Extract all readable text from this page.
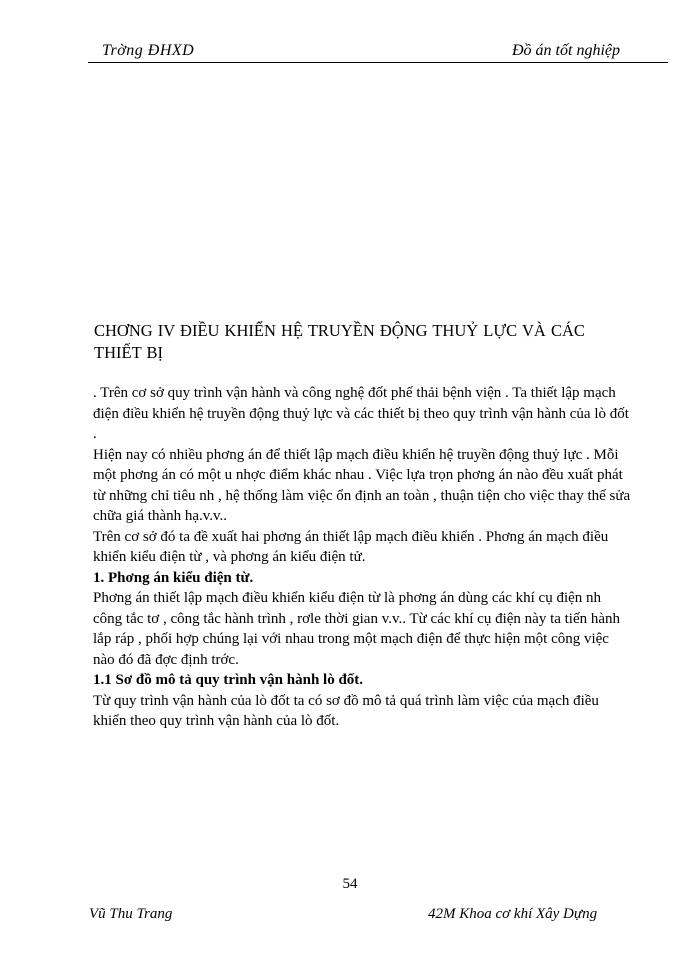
Trờng ĐHXD	Đồ án tốt nghiệp
CHƠNG IV ĐIỀU KHIỂN HỆ TRUYỀN ĐỘNG THUỶ LỰC VÀ CÁC THIẾT BỊ

. Trên cơ sở quy trình vận hành và công nghệ đốt phế thải bệnh viện . Ta thiết lập mạch điện điều khiển hệ truyền động thuỷ lực và các thiết bị theo quy trình vận hành của lò đốt .

Hiện nay có nhiều phơng án để thiết lập mạch điều khiển hệ truyền động thuỷ lực . Mỗi một phơng án có một u nhợc điểm khác nhau . Việc lựa trọn phơng án nào đều xuất phát từ những chỉ tiêu nh , hệ thống làm việc ổn định an toàn , thuận tiện cho việc thay thế sửa chữa giá thành hạ.v.v..

Trên cơ sở đó ta đề xuất hai phơng án thiết lập mạch điều khiển . Phơng án mạch điều khiển kiểu điện từ , và phơng án kiểu điện tử.

1. Phơng án kiểu điện từ.

Phơng án thiết lập mạch điều khiển kiểu điện từ là phơng án dùng các khí cụ điện nh công tắc tơ , công tắc hành trình , rơle thời gian v.v.. Từ các khí cụ điện này ta tiến hành lắp ráp , phối hợp chúng lại với nhau trong một mạch điện để thực hiện một công việc nào đó đã đợc định trớc.

1.1 Sơ đồ mô tả quy trình vận hành lò đốt.

Từ quy trình vận hành của lò đốt ta có sơ đồ mô tả quá trình làm việc của mạch điều khiển theo quy trình vận hành của lò đốt.

54
Vũ Thu Trang	42M Khoa cơ khí Xây Dựng
